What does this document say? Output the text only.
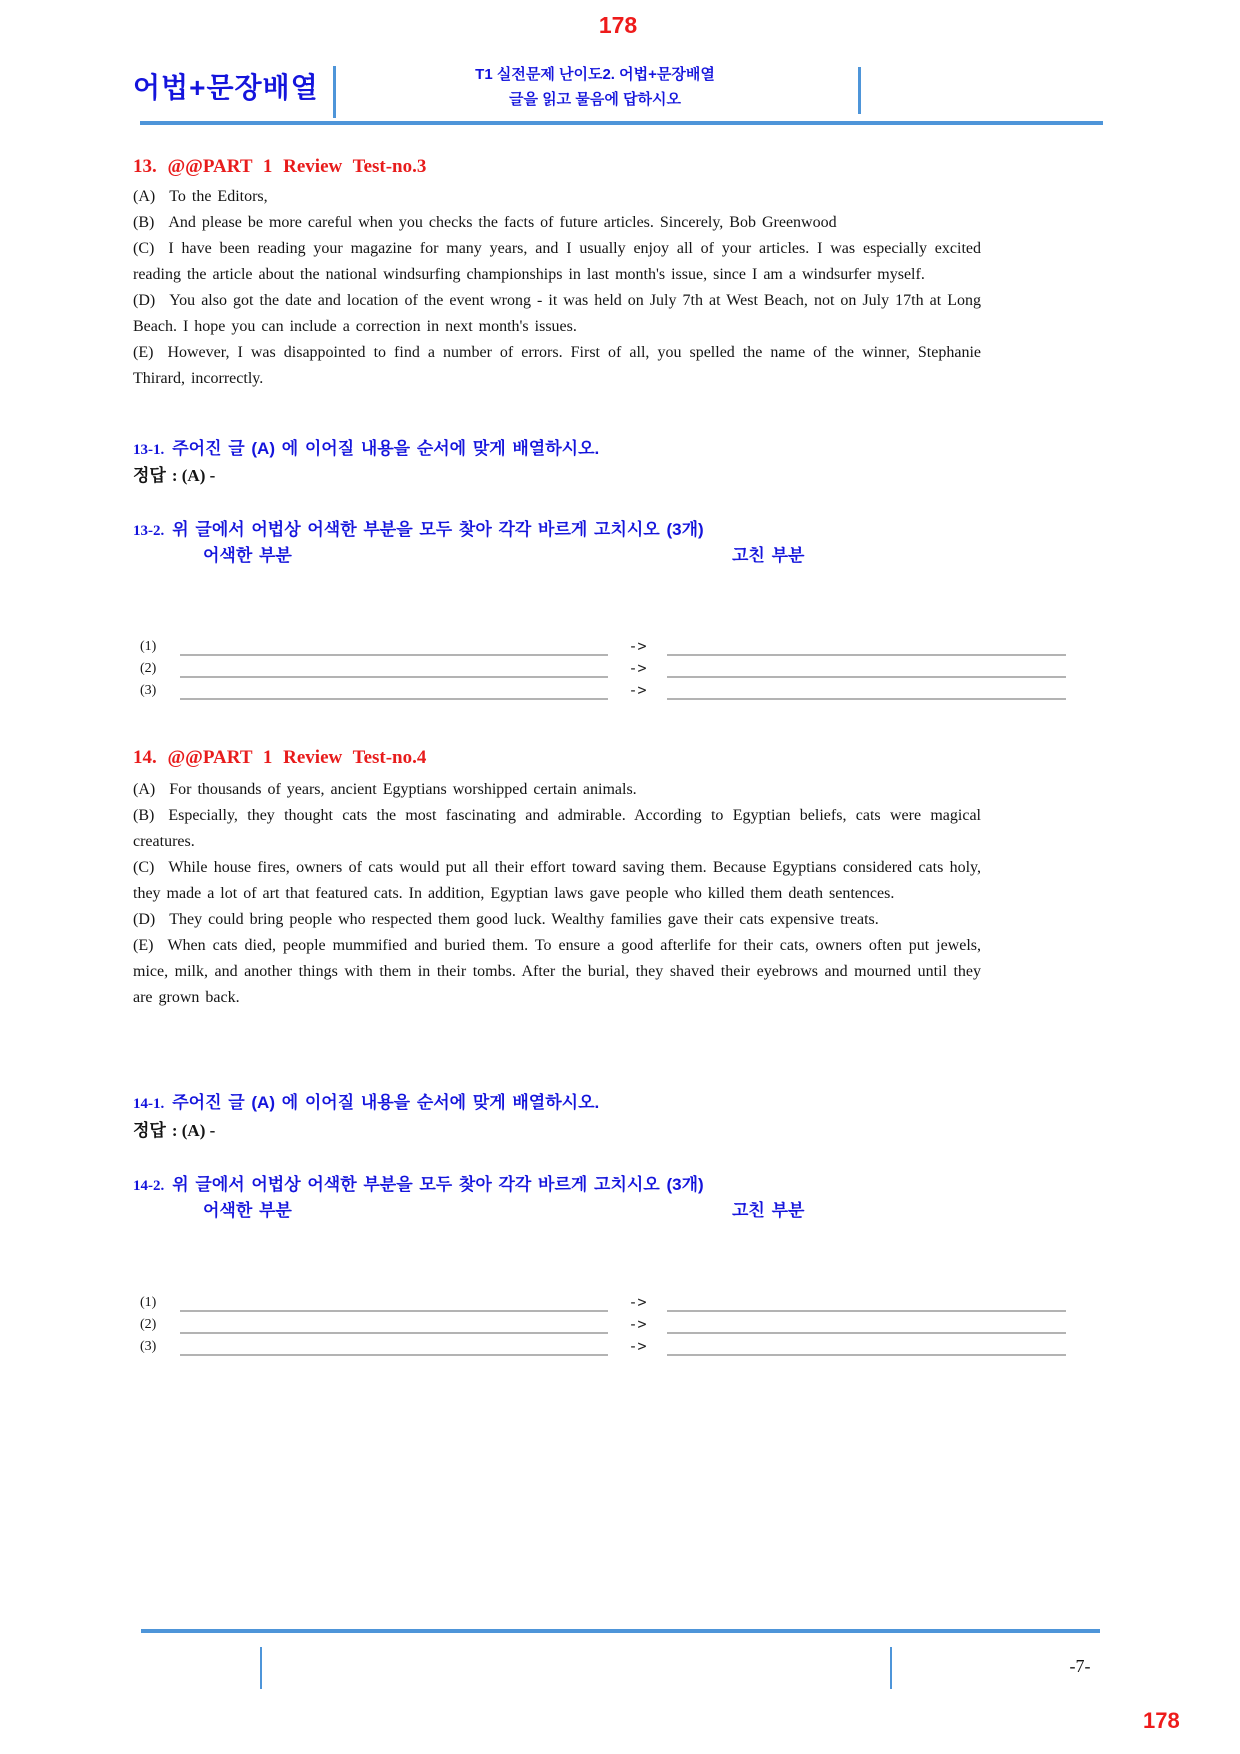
178
어법+문장배열	T1 실전문제 난이도2. 어법+문장배열
글을 읽고 물음에 답하시오
13. @@PART 1 Review Test-no.3

(A) To the Editors,

(B) And please be more careful when you checks the facts of future articles. Sincerely, Bob Greenwood

(C) I have been reading your magazine for many years, and I usually enjoy all of your articles. I was especially excited reading the article about the national windsurfing championships in last month's issue, since I am a windsurfer myself.

(D) You also got the date and location of the event wrong - it was held on July 7th at West Beach, not on July 17th at Long Beach. I hope you can include a correction in next month's issues.

(E) However, I was disappointed to find a number of errors. First of all, you spelled the name of the winner, Stephanie Thirard, incorrectly.

13-1. 주어진 글 (A) 에 이어질 내용을 순서에 맞게 배열하시오.
정답 : (A) -
13-2. 위 글에서 어법상 어색한 부분을 모두 찾아 각각 바르게 고치시오 (3개)
어색한 부분	고친 부분
(1)	->
(2)	->
(3)	->
14. @@PART 1 Review Test-no.4

(A) For thousands of years, ancient Egyptians worshipped certain animals.

(B) Especially, they thought cats the most fascinating and admirable. According to Egyptian beliefs, cats were magical creatures.

(C) While house fires, owners of cats would put all their effort toward saving them. Because Egyptians considered cats holy, they made a lot of art that featured cats. In addition, Egyptian laws gave people who killed them death sentences.

(D) They could bring people who respected them good luck. Wealthy families gave their cats expensive treats.

(E) When cats died, people mummified and buried them. To ensure a good afterlife for their cats, owners often put jewels, mice, milk, and another things with them in their tombs. After the burial, they shaved their eyebrows and mourned until they are grown back.

14-1. 주어진 글 (A) 에 이어질 내용을 순서에 맞게 배열하시오.
정답 : (A) -
14-2. 위 글에서 어법상 어색한 부분을 모두 찾아 각각 바르게 고치시오 (3개)
어색한 부분	고친 부분
(1)	->
(2)	->
(3)	->
-7-
178
